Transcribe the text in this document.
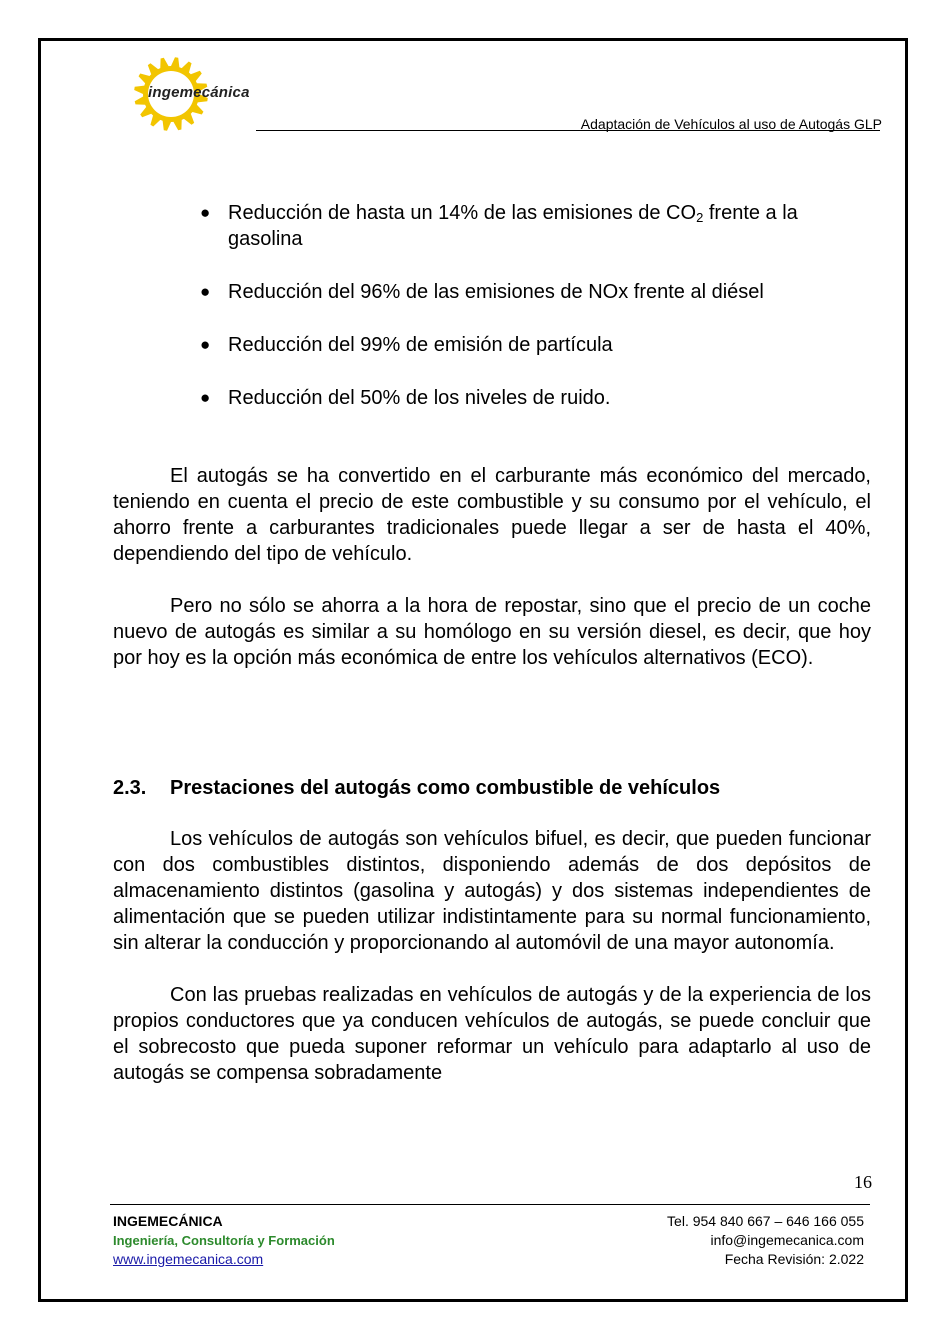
ingemecánica
Adaptación de Vehículos al uso de Autogás GLP
● Reducción de hasta un 14% de las emisiones de $CO_2$ frente a la gasolina
● Reducción del 96% de las emisiones de NOx frente al diésel
● Reducción del 99% de emisión de partícula
● Reducción del 50% de los niveles de ruido.

El autogás se ha convertido en el carburante más económico del mercado, teniendo en cuenta el precio de este combustible y su consumo por el vehículo, el ahorro frente a carburantes tradicionales puede llegar a ser de hasta el 40%, dependiendo del tipo de vehículo.

Pero no sólo se ahorra a la hora de repostar, sino que el precio de un coche nuevo de autogás es similar a su homólogo en su versión diesel, es decir, que hoy por hoy es la opción más económica de entre los vehículos alternativos (ECO).

2.3. Prestaciones del autogás como combustible de vehículos

Los vehículos de autogás son vehículos bifuel, es decir, que pueden funcionar con dos combustibles distintos, disponiendo además de dos depósitos de almacenamiento distintos (gasolina y autogás) y dos sistemas independientes de alimentación que se pueden utilizar indistintamente para su normal funcionamiento, sin alterar la conducción y proporcionando al automóvil de una mayor autonomía.

Con las pruebas realizadas en vehículos de autogás y de la experiencia de los propios conductores que ya conducen vehículos de autogás, se puede concluir que el sobrecosto que pueda suponer reformar un vehículo para adaptarlo al uso de autogás se compensa sobradamente

16
INGEMECÁNICA
Ingeniería, Consultoría y Formación
www.ingemecanica.com
Tel. 954 840 667 – 646 166 055
info@ingemecanica.com
Fecha Revisión: 2.022
